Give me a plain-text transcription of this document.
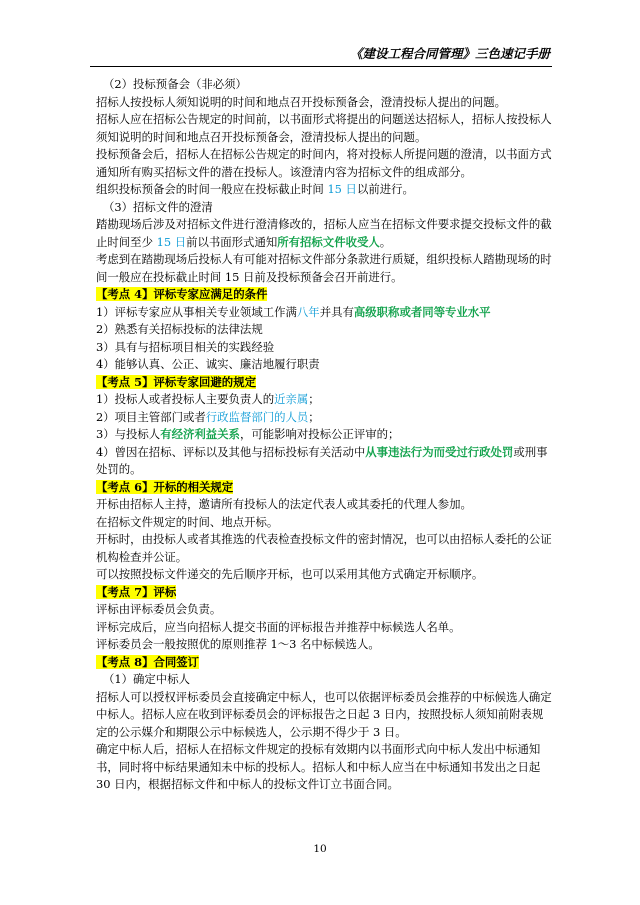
《建设工程合同管理》三色速记手册

（2）投标预备会（非必须）

招标人按投标人须知说明的时间和地点召开投标预备会，澄清投标人提出的问题。

招标人应在招标公告规定的时间前，以书面形式将提出的问题送达招标人，招标人按投标人须知说明的时间和地点召开投标预备会，澄清投标人提出的问题。

投标预备会后，招标人在招标公告规定的时间内，将对投标人所提问题的澄清，以书面方式通知所有购买招标文件的潜在投标人。该澄清内容为招标文件的组成部分。

组织投标预备会的时间一般应在投标截止时间 15 日以前进行。

（3）招标文件的澄清

踏勘现场后涉及对招标文件进行澄清修改的，招标人应当在招标文件要求提交投标文件的截止时间至少 15 日前以书面形式通知所有招标文件收受人。

考虑到在踏勘现场后投标人有可能对招标文件部分条款进行质疑，组织投标人踏勘现场的时间一般应在投标截止时间 15 日前及投标预备会召开前进行。

【考点 4】评标专家应满足的条件

1）评标专家应从事相关专业领域工作满八年并具有高级职称或者同等专业水平

2）熟悉有关招标投标的法律法规

3）具有与招标项目相关的实践经验

4）能够认真、公正、诚实、廉洁地履行职责

【考点 5】评标专家回避的规定

1）投标人或者投标人主要负责人的近亲属；

2）项目主管部门或者行政监督部门的人员；

3）与投标人有经济利益关系，可能影响对投标公正评审的；

4）曾因在招标、评标以及其他与招标投标有关活动中从事违法行为而受过行政处罚或刑事处罚的。

【考点 6】开标的相关规定

开标由招标人主持，邀请所有投标人的法定代表人或其委托的代理人参加。

在招标文件规定的时间、地点开标。

开标时，由投标人或者其推选的代表检查投标文件的密封情况，也可以由招标人委托的公证机构检查并公证。

可以按照投标文件递交的先后顺序开标，也可以采用其他方式确定开标顺序。

【考点 7】评标

评标由评标委员会负责。

评标完成后，应当向招标人提交书面的评标报告并推荐中标候选人名单。

评标委员会一般按照优的原则推荐 1～3 名中标候选人。

【考点 8】合同签订

（1）确定中标人

招标人可以授权评标委员会直接确定中标人，也可以依据评标委员会推荐的中标候选人确定中标人。招标人应在收到评标委员会的评标报告之日起 3 日内，按照投标人须知前附表规定的公示媒介和期限公示中标候选人，公示期不得少于 3 日。

确定中标人后，招标人在招标文件规定的投标有效期内以书面形式向中标人发出中标通知书，同时将中标结果通知未中标的投标人。招标人和中标人应当在中标通知书发出之日起 30 日内，根据招标文件和中标人的投标文件订立书面合同。

10
